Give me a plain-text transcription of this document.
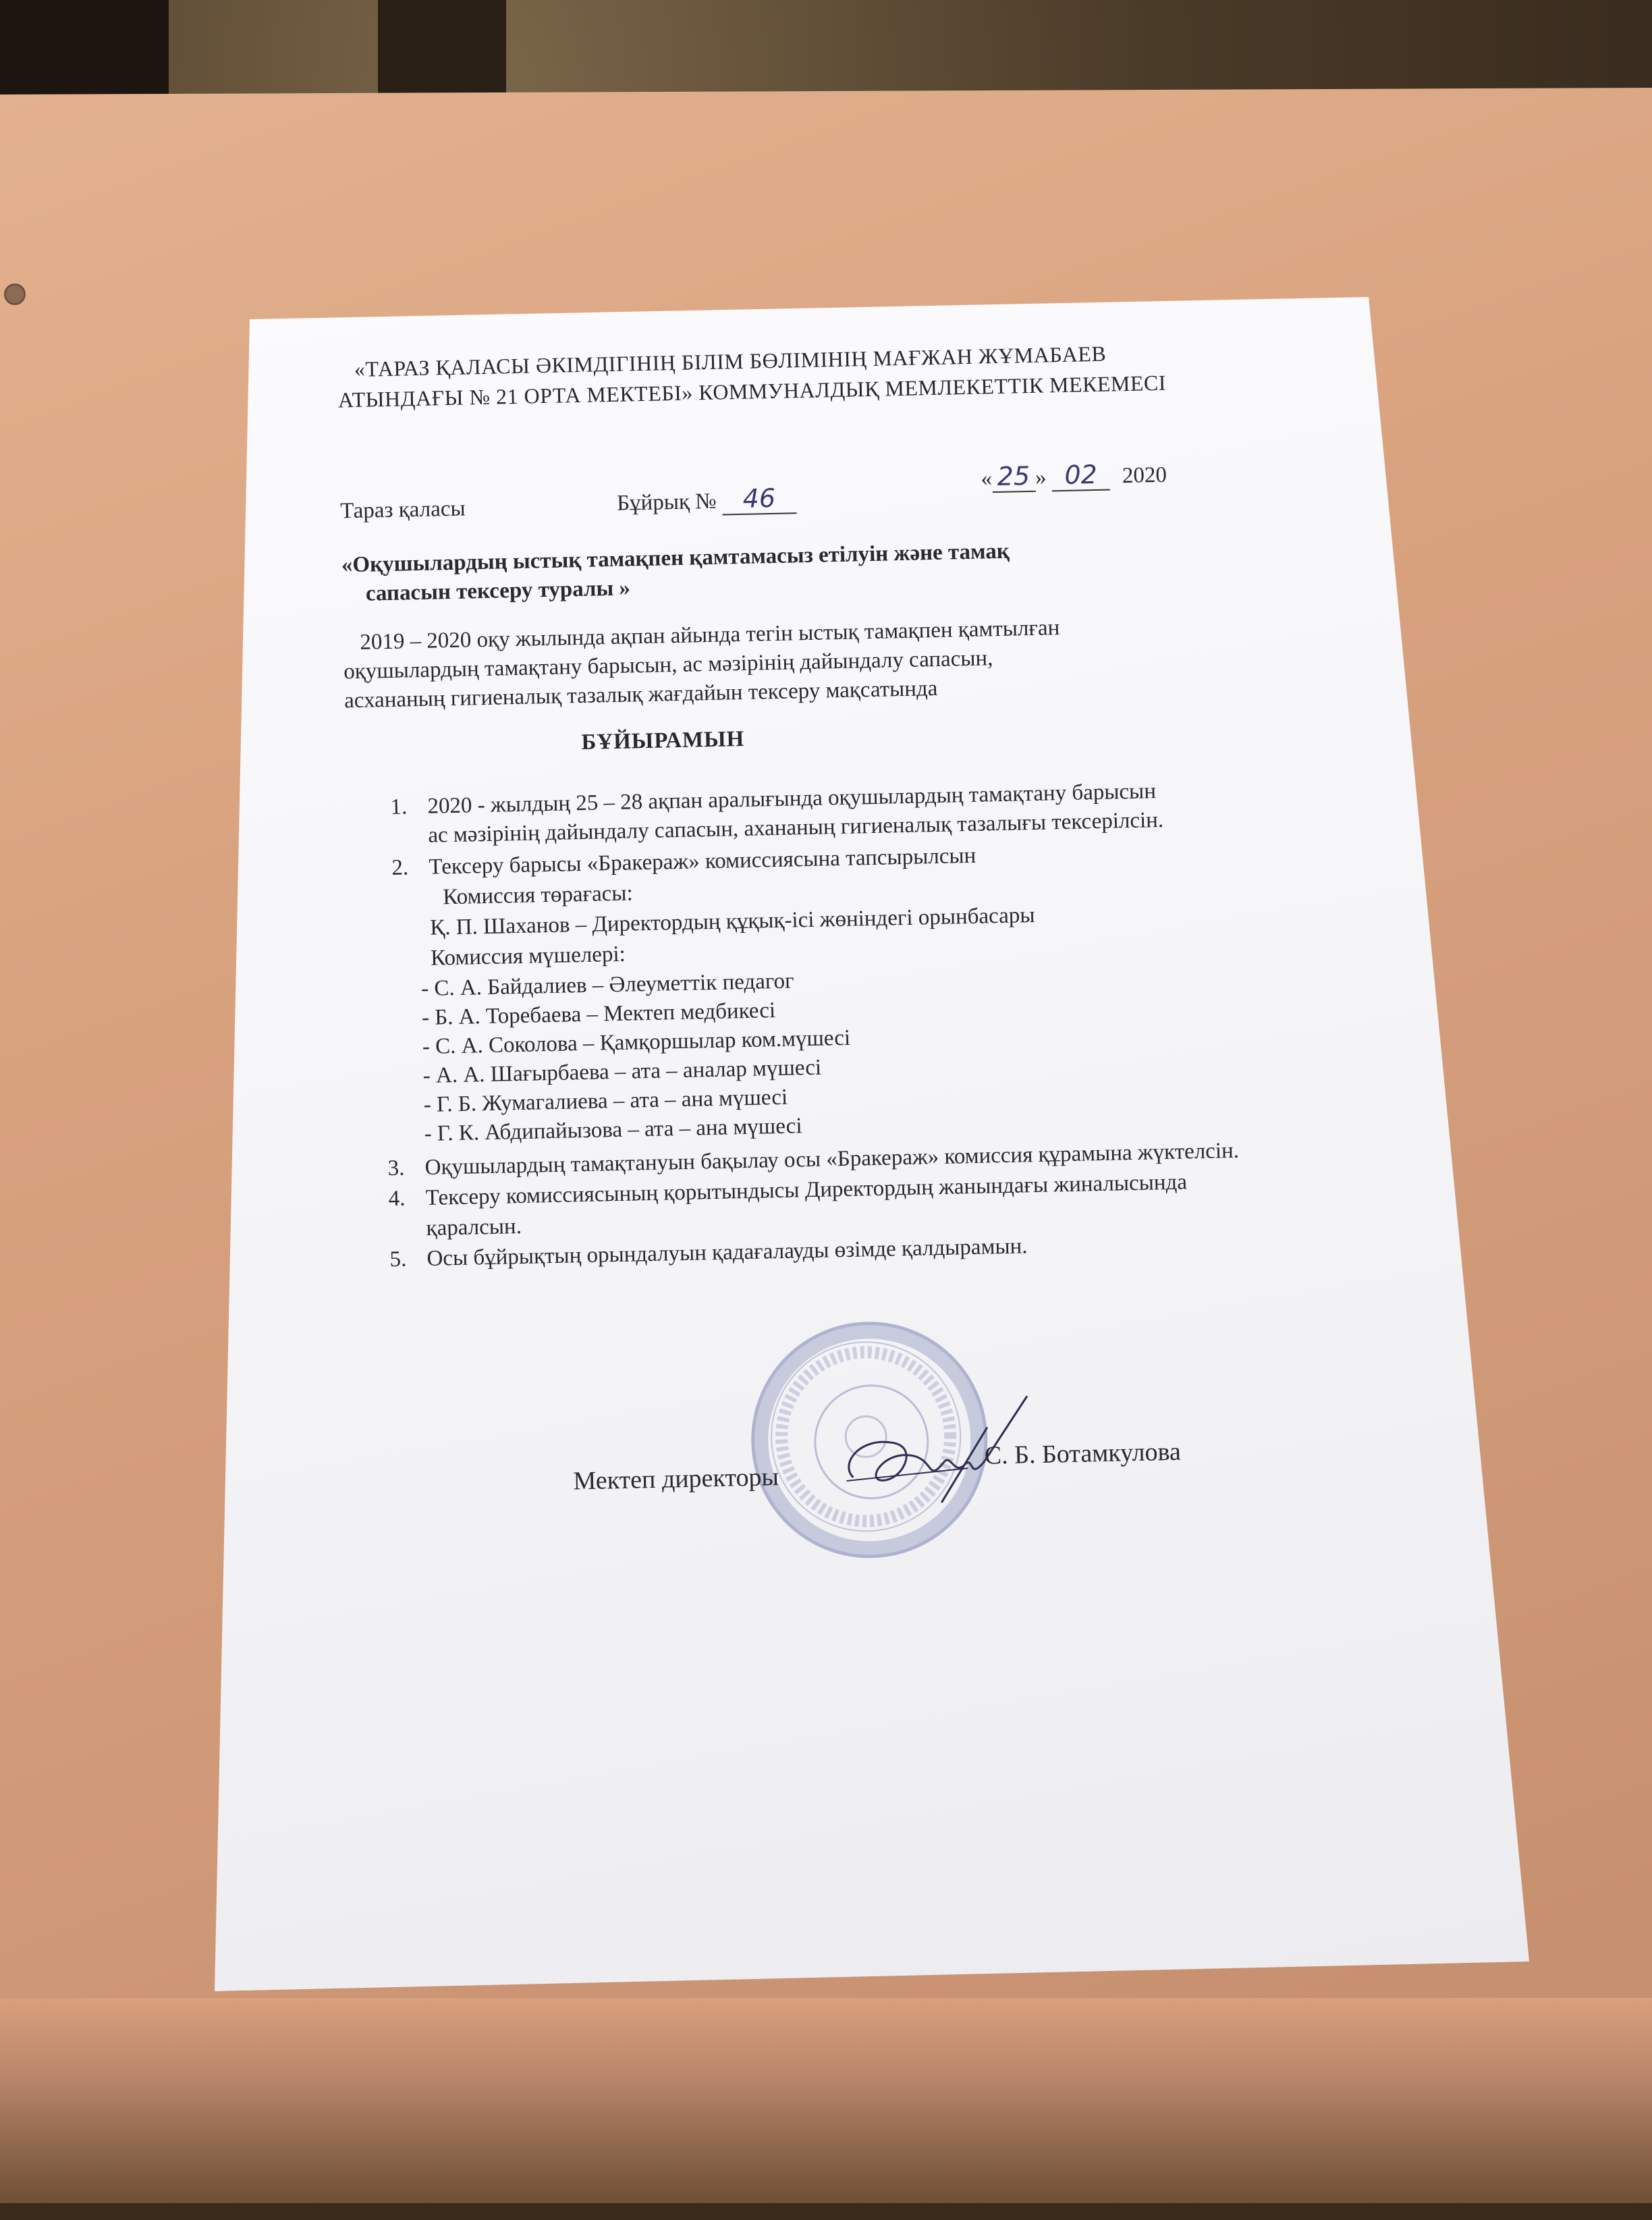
«ТАРАЗ ҚАЛАСЫ ӘКІМДІГІНІҢ БІЛІМ БӨЛІМІНІҢ МАҒЖАН ЖҰМАБАЕВ
АТЫНДАҒЫ № 21 ОРТА МЕКТЕБІ» КОММУНАЛДЫҚ МЕМЛЕКЕТТІК МЕКЕМЕСІ
Тараз қаласы	Бұйрық № 46
« 25 » 02 2020
«Оқушылардың ыстық тамақпен қамтамасыз етілуін және тамақ
сапасын тексеру туралы »
2019 – 2020 оқу жылында ақпан айында тегін ыстық тамақпен қамтылған
оқушылардың тамақтану барысын, ас мәзірінің дайындалу сапасын,
асхананың гигиеналық тазалық жағдайын тексеру мақсатында
БҰЙЫРАМЫН
1. 2020 - жылдың 25 – 28 ақпан аралығында оқушылардың тамақтану барысын
ас мәзірінің дайындалу сапасын, ахананың гигиеналық тазалығы тексерілсін.
2. Тексеру барысы «Бракераж» комиссиясына тапсырылсын
Комиссия төрағасы:
Қ. П. Шаханов – Директордың құқық-ісі жөніндегі орынбасары
Комиссия мүшелері:
- С. А. Байдалиев – Әлеуметтік педагог
- Б. А. Торебаева – Мектеп медбикесі
- С. А. Соколова – Қамқоршылар ком.мүшесі
- А. А. Шағырбаева – ата – аналар мүшесі
- Г. Б. Жумагалиева – ата – ана мүшесі
- Г. К. Абдипайызова – ата – ана мүшесі
3. Оқушылардың тамақтануын бақылау осы «Бракераж» комиссия құрамына жүктелсін.
4. Тексеру комиссиясының қорытындысы Директордың жанындағы жиналысында
қаралсын.
5. Осы бұйрықтың орындалуын қадағалауды өзімде қалдырамын.
Мектеп директоры
С. Б. Ботамкулова
